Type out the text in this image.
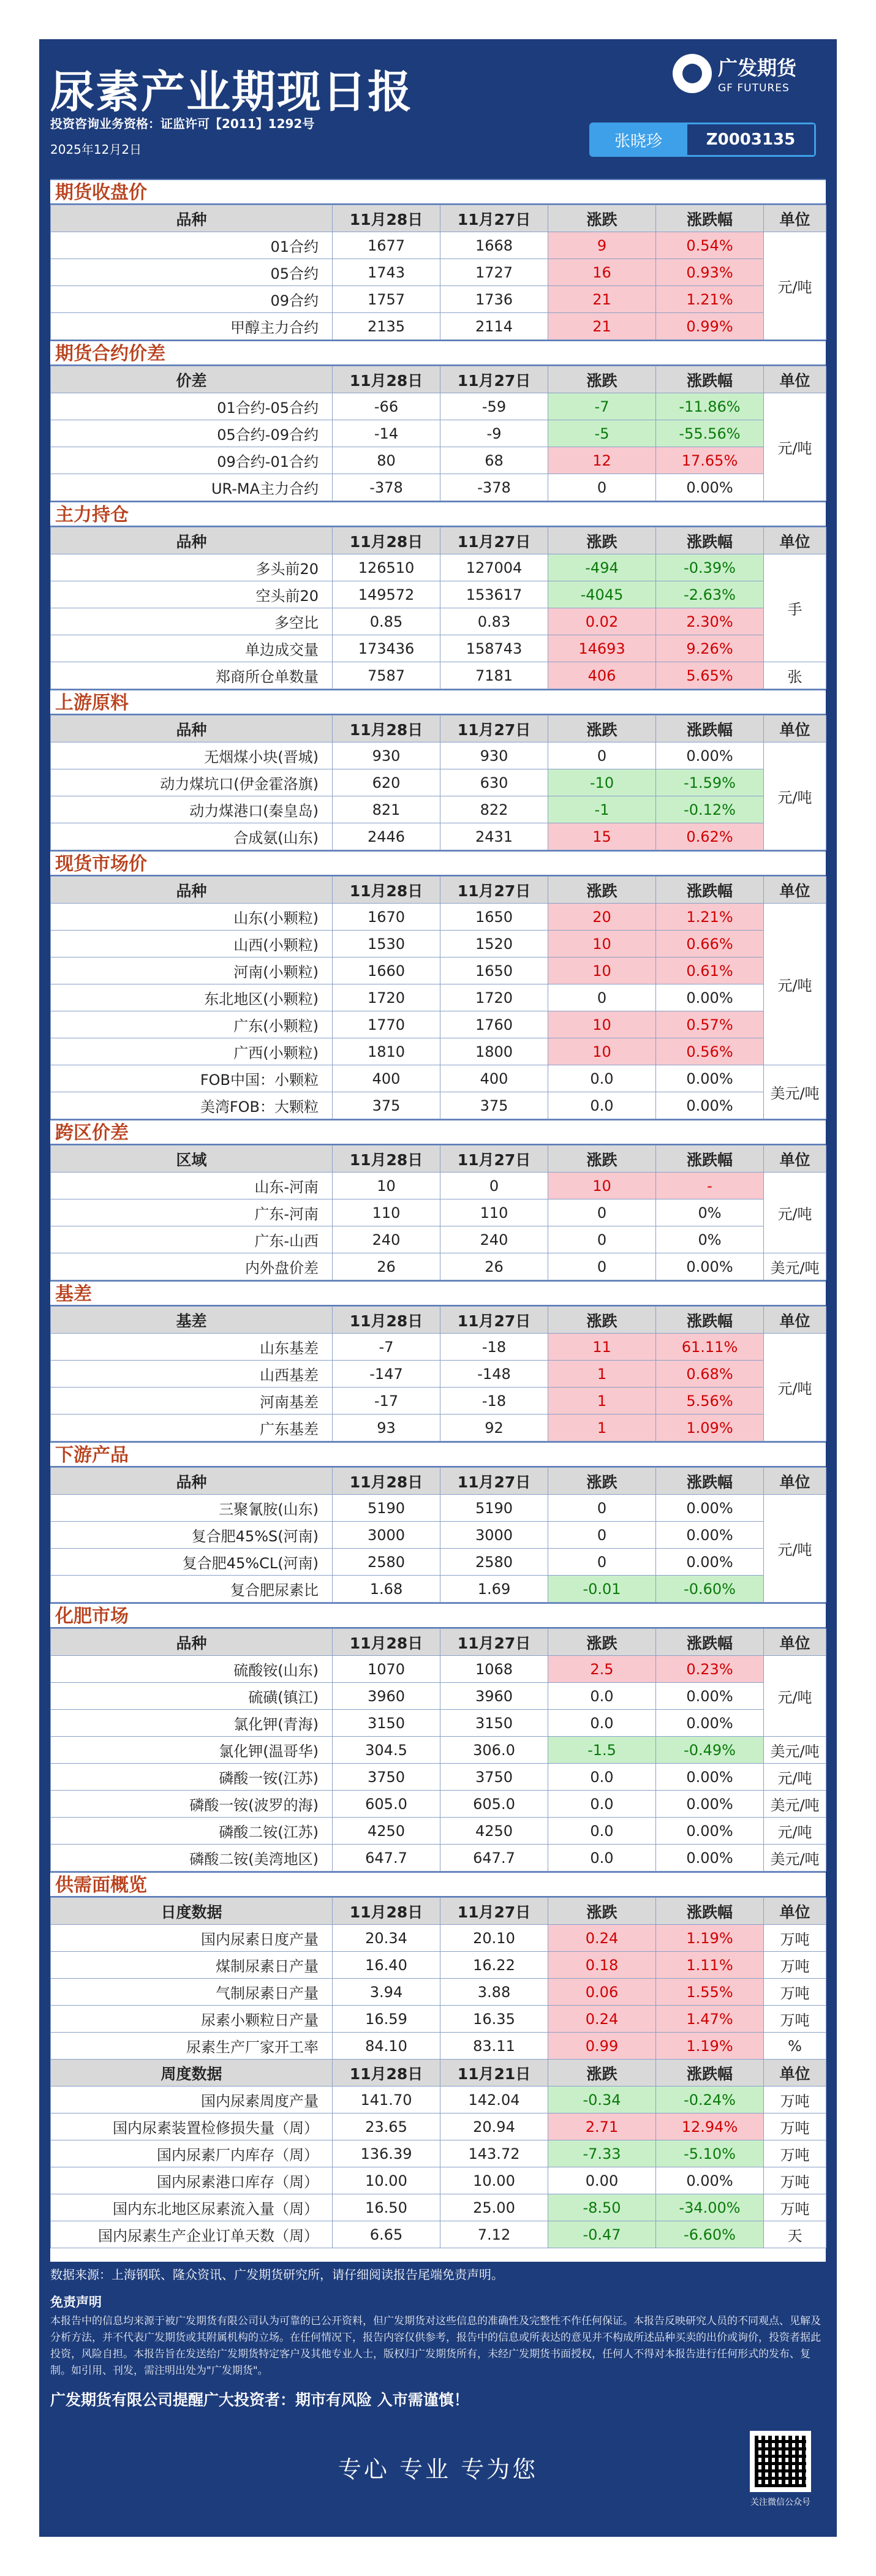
尿素产业期现日报
投资咨询业务资格：证监许可【2011】1292号
2025年12月2日
广发期货
GF FUTURES
张晓珍	Z0003135
期货收盘价
品种	11月28日	11月27日	涨跌	涨跌幅	单位
01合约	1677	1668	9	0.54%	元/吨
05合约	1743	1727	16	0.93%	
09合约	1757	1736	21	1.21%	
甲醇主力合约	2135	2114	21	0.99%	
期货合约价差
价差	11月28日	11月27日	涨跌	涨跌幅	单位
01合约-05合约	-66	-59	-7	-11.86%	元/吨
05合约-09合约	-14	-9	-5	-55.56%	
09合约-01合约	80	68	12	17.65%	
UR-MA主力合约	-378	-378	0	0.00%	
主力持仓
品种	11月28日	11月27日	涨跌	涨跌幅	单位
多头前20	126510	127004	-494	-0.39%	手
空头前20	149572	153617	-4045	-2.63%	
多空比	0.85	0.83	0.02	2.30%	
单边成交量	173436	158743	14693	9.26%	
郑商所仓单数量	7587	7181	406	5.65%	张
上游原料
品种	11月28日	11月27日	涨跌	涨跌幅	单位
无烟煤小块(晋城)	930	930	0	0.00%	元/吨
动力煤坑口(伊金霍洛旗)	620	630	-10	-1.59%	
动力煤港口(秦皇岛)	821	822	-1	-0.12%	
合成氨(山东)	2446	2431	15	0.62%	
现货市场价
品种	11月28日	11月27日	涨跌	涨跌幅	单位
山东(小颗粒)	1670	1650	20	1.21%	元/吨
山西(小颗粒)	1530	1520	10	0.66%	
河南(小颗粒)	1660	1650	10	0.61%	
东北地区(小颗粒)	1720	1720	0	0.00%	
广东(小颗粒)	1770	1760	10	0.57%	
广西(小颗粒)	1810	1800	10	0.56%	
FOB中国：小颗粒	400	400	0.0	0.00%	美元/吨
美湾FOB：大颗粒	375	375	0.0	0.00%	
跨区价差
区域	11月28日	11月27日	涨跌	涨跌幅	单位
山东-河南	10	0	10	-	元/吨
广东-河南	110	110	0	0%	
广东-山西	240	240	0	0%	
内外盘价差	26	26	0	0.00%	美元/吨
基差
基差	11月28日	11月27日	涨跌	涨跌幅	单位
山东基差	-7	-18	11	61.11%	元/吨
山西基差	-147	-148	1	0.68%	
河南基差	-17	-18	1	5.56%	
广东基差	93	92	1	1.09%	
下游产品
品种	11月28日	11月27日	涨跌	涨跌幅	单位
三聚氰胺(山东)	5190	5190	0	0.00%	元/吨
复合肥45%S(河南)	3000	3000	0	0.00%	
复合肥45%CL(河南)	2580	2580	0	0.00%	
复合肥尿素比	1.68	1.69	-0.01	-0.60%	
化肥市场
品种	11月28日	11月27日	涨跌	涨跌幅	单位
硫酸铵(山东)	1070	1068	2.5	0.23%	元/吨
硫磺(镇江)	3960	3960	0.0	0.00%	
氯化钾(青海)	3150	3150	0.0	0.00%	
氯化钾(温哥华)	304.5	306.0	-1.5	-0.49%	美元/吨
磷酸一铵(江苏)	3750	3750	0.0	0.00%	元/吨
磷酸一铵(波罗的海)	605.0	605.0	0.0	0.00%	美元/吨
磷酸二铵(江苏)	4250	4250	0.0	0.00%	元/吨
磷酸二铵(美湾地区)	647.7	647.7	0.0	0.00%	美元/吨
供需面概览
日度数据	11月28日	11月27日	涨跌	涨跌幅	单位
国内尿素日度产量	20.34	20.10	0.24	1.19%	万吨
煤制尿素日产量	16.40	16.22	0.18	1.11%	万吨
气制尿素日产量	3.94	3.88	0.06	1.55%	万吨
尿素小颗粒日产量	16.59	16.35	0.24	1.47%	万吨
尿素生产厂家开工率	84.10	83.11	0.99	1.19%	%
周度数据	11月28日	11月21日	涨跌	涨跌幅	单位
国内尿素周度产量	141.70	142.04	-0.34	-0.24%	万吨
国内尿素装置检修损失量（周）	23.65	20.94	2.71	12.94%	万吨
国内尿素厂内库存（周）	136.39	143.72	-7.33	-5.10%	万吨
国内尿素港口库存（周）	10.00	10.00	0.00	0.00%	万吨
国内东北地区尿素流入量（周）	16.50	25.00	-8.50	-34.00%	万吨
国内尿素生产企业订单天数（周）	6.65	7.12	-0.47	-6.60%	天
数据来源：上海钢联、隆众资讯、广发期货研究所，请仔细阅读报告尾端免责声明。
免责声明
本报告中的信息均来源于被广发期货有限公司认为可靠的已公开资料，但广发期货对这些信息的准确性及完整性不作任何保证。本报告反映研究人员的不同观点、见解及分析方法，并不代表广发期货或其附属机构的立场。在任何情况下，报告内容仅供参考，报告中的信息或所表达的意见并不构成所述品种买卖的出价或询价，投资者据此投资，风险自担。本报告旨在发送给广发期货特定客户及其他专业人士，版权归广发期货所有，未经广发期货书面授权，任何人不得对本报告进行任何形式的发布、复制。如引用、刊发，需注明出处为"广发期货"。
广发期货有限公司提醒广大投资者：期市有风险 入市需谨慎！
专心 专业 专为您
关注微信公众号
